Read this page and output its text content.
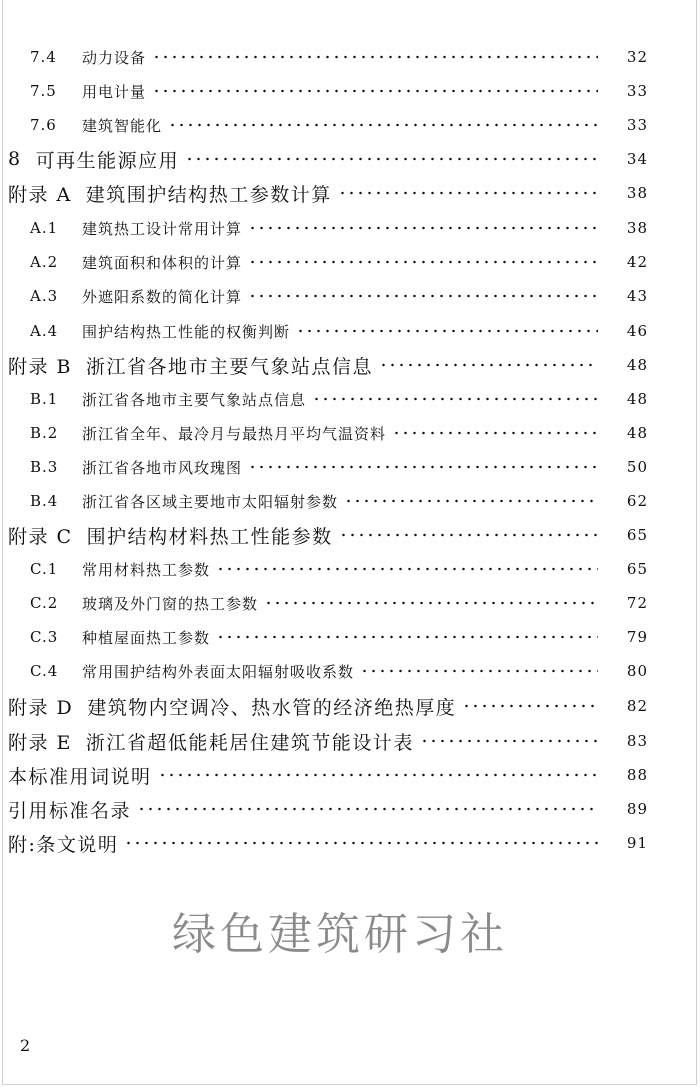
7.4	动力设备	32
7.5	用电计量	33
7.6	建筑智能化	33
8 可再生能源应用	34
附录 A 建筑围护结构热工参数计算	38
A.1	建筑热工设计常用计算	38
A.2	建筑面积和体积的计算	42
A.3	外遮阳系数的简化计算	43
A.4	围护结构热工性能的权衡判断	46
附录 B 浙江省各地市主要气象站点信息	48
B.1	浙江省各地市主要气象站点信息	48
B.2	浙江省全年、最冷月与最热月平均气温资料	48
B.3	浙江省各地市风玫瑰图	50
B.4	浙江省各区域主要地市太阳辐射参数	62
附录 C 围护结构材料热工性能参数	65
C.1	常用材料热工参数	65
C.2	玻璃及外门窗的热工参数	72
C.3	种植屋面热工参数	79
C.4	常用围护结构外表面太阳辐射吸收系数	80
附录 D 建筑物内空调冷、热水管的经济绝热厚度	82
附录 E 浙江省超低能耗居住建筑节能设计表	83
本标准用词说明	88
引用标准名录	89
附:条文说明	91
绿色建筑研习社
2
